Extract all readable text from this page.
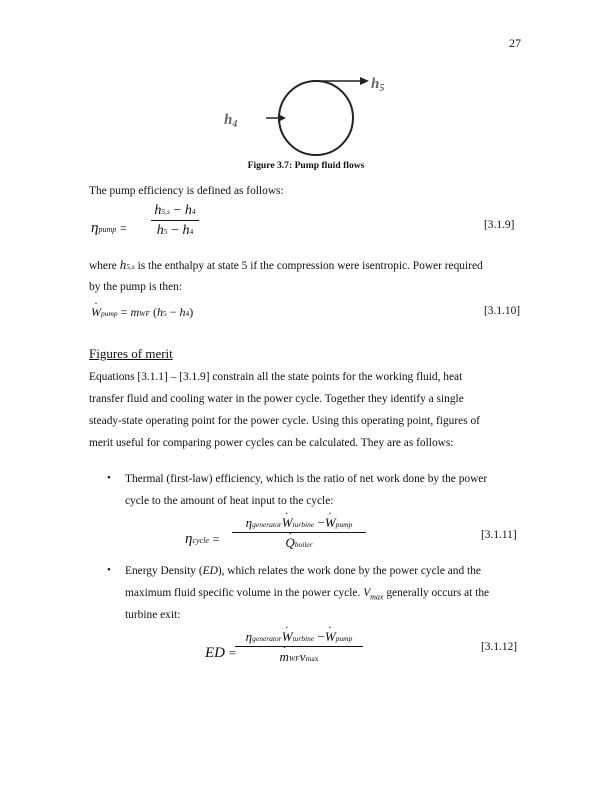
27
$h_4$
$h_5$
Figure 3.7: Pump fluid flows
The pump efficiency is defined as follows:
ηpump =
h5,s − h4
h5 − h4
[3.1.9]
where h5,s is the enthalpy at state 5 if the compression were isentropic. Power required
by the pump is then:
· Wpump = mWF (h5 − h4)	[3.1.10]
Figures of merit
Equations [3.1.1] – [3.1.9] constrain all the state points for the working fluid, heat
transfer fluid and cooling water in the power cycle. Together they identify a single
steady-state operating point for the power cycle. Using this operating point, figures of
merit useful for comparing power cycles can be calculated. They are as follows:
• Thermal (first-law) efficiency, which is the ratio of net work done by the power
cycle to the amount of heat input to the cycle:
ηcycle =
ηgenerator· Wturbine −· Wpump
· Qboiler
[3.1.11]
• Energy Density (ED), which relates the work done by the power cycle and the
maximum fluid specific volume in the power cycle. $V_{max}$ generally occurs at the
turbine exit:
ED =
ηgenerator· Wturbine −· Wpump
· mWFvmax
[3.1.12]
